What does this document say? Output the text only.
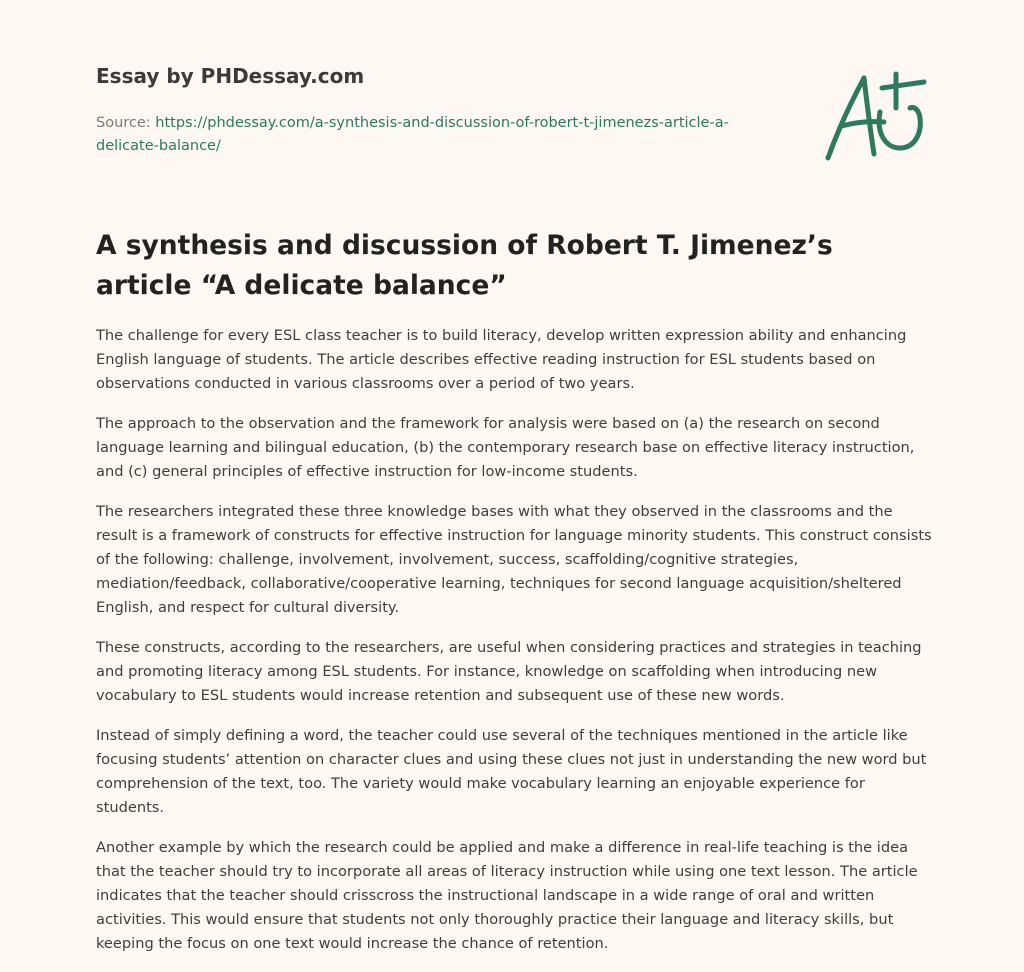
Essay by PHDessay.com
Source: https://phdessay.com/a-synthesis-and-discussion-of-robert-t-jimenezs-article-a-delicate-balance/
A synthesis and discussion of Robert T. Jimenez’s article “A delicate balance”

The challenge for every ESL class teacher is to build literacy, develop written expression ability and enhancing English language of students. The article describes effective reading instruction for ESL students based on observations conducted in various classrooms over a period of two years.

The approach to the observation and the framework for analysis were based on (a) the research on second language learning and bilingual education, (b) the contemporary research base on effective literacy instruction, and (c) general principles of effective instruction for low-income students.

The researchers integrated these three knowledge bases with what they observed in the classrooms and the result is a framework of constructs for effective instruction for language minority students. This construct consists of the following: challenge, involvement, involvement, success, scaffolding/cognitive strategies, mediation/feedback, collaborative/cooperative learning, techniques for second language acquisition/sheltered English, and respect for cultural diversity.

These constructs, according to the researchers, are useful when considering practices and strategies in teaching and promoting literacy among ESL students. For instance, knowledge on scaffolding when introducing new vocabulary to ESL students would increase retention and subsequent use of these new words.

Instead of simply defining a word, the teacher could use several of the techniques mentioned in the article like focusing students’ attention on character clues and using these clues not just in understanding the new word but comprehension of the text, too. The variety would make vocabulary learning an enjoyable experience for students.

Another example by which the research could be applied and make a difference in real-life teaching is the idea that the teacher should try to incorporate all areas of literacy instruction while using one text lesson. The article indicates that the teacher should crisscross the instructional landscape in a wide range of oral and written activities. This would ensure that students not only thoroughly practice their language and literacy skills, but keeping the focus on one text would increase the chance of retention.
